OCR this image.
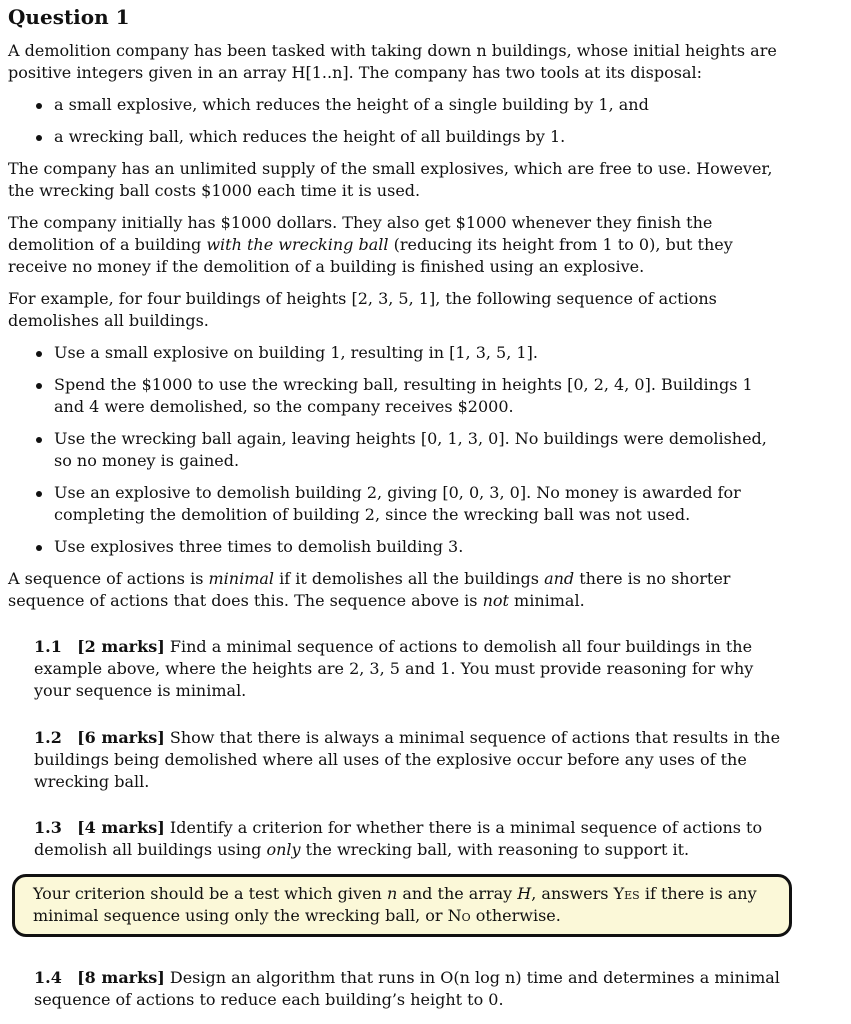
Question 1

A demolition company has been tasked with taking down n buildings, whose initial heights are positive integers given in an array H[1..n]. The company has two tools at its disposal:

a small explosive, which reduces the height of a single building by 1, and
a wrecking ball, which reduces the height of all buildings by 1.

The company has an unlimited supply of the small explosives, which are free to use. However, the wrecking ball costs $1000 each time it is used.

The company initially has $1000 dollars. They also get $1000 whenever they finish the demolition of a building with the wrecking ball (reducing its height from 1 to 0), but they receive no money if the demolition of a building is finished using an explosive.

For example, for four buildings of heights [2, 3, 5, 1], the following sequence of actions demolishes all buildings.

Use a small explosive on building 1, resulting in [1, 3, 5, 1].
Spend the $1000 to use the wrecking ball, resulting in heights [0, 2, 4, 0]. Buildings 1 and 4 were demolished, so the company receives $2000.
Use the wrecking ball again, leaving heights [0, 1, 3, 0]. No buildings were demolished, so no money is gained.
Use an explosive to demolish building 2, giving [0, 0, 3, 0]. No money is awarded for completing the demolition of building 2, since the wrecking ball was not used.
Use explosives three times to demolish building 3.

A sequence of actions is minimal if it demolishes all the buildings and there is no shorter sequence of actions that does this. The sequence above is not minimal.

1.1 [2 marks] Find a minimal sequence of actions to demolish all four buildings in the example above, where the heights are 2, 3, 5 and 1. You must provide reasoning for why your sequence is minimal.

1.2 [6 marks] Show that there is always a minimal sequence of actions that results in the buildings being demolished where all uses of the explosive occur before any uses of the wrecking ball.

1.3 [4 marks] Identify a criterion for whether there is a minimal sequence of actions to demolish all buildings using only the wrecking ball, with reasoning to support it.

Your criterion should be a test which given n and the array H, answers Yes if there is any minimal sequence using only the wrecking ball, or No otherwise.

1.4 [8 marks] Design an algorithm that runs in O(n log n) time and determines a minimal sequence of actions to reduce each building’s height to 0.
